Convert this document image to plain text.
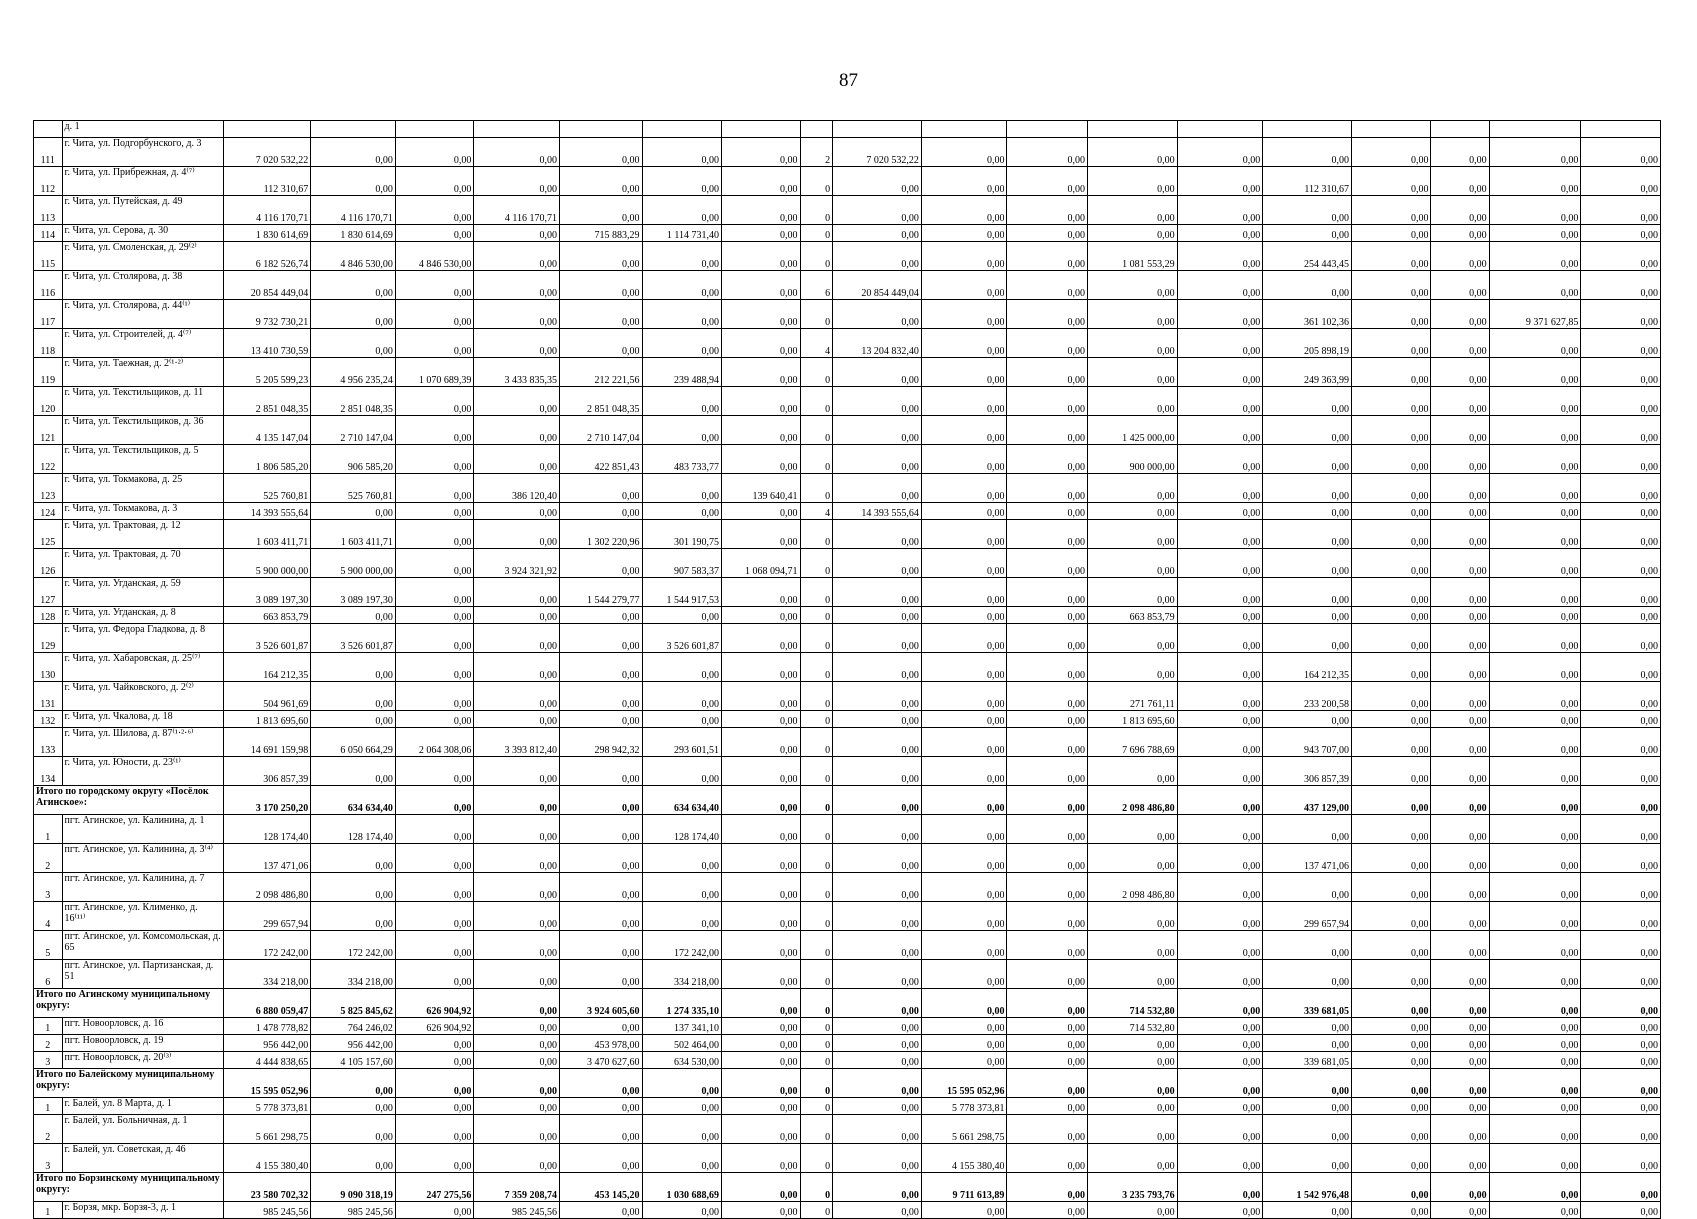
87
	д. 1																		
111	г. Чита, ул. Подгорбунского, д. 3	7 020 532,22	0,00	0,00	0,00	0,00	0,00	0,00	2	7 020 532,22	0,00	0,00	0,00	0,00	0,00	0,00	0,00	0,00	0,00
112	г. Чита, ул. Прибрежная, д. 4⁽⁷⁾	112 310,67	0,00	0,00	0,00	0,00	0,00	0,00	0	0,00	0,00	0,00	0,00	0,00	112 310,67	0,00	0,00	0,00	0,00
113	г. Чита, ул. Путейская, д. 49	4 116 170,71	4 116 170,71	0,00	4 116 170,71	0,00	0,00	0,00	0	0,00	0,00	0,00	0,00	0,00	0,00	0,00	0,00	0,00	0,00
114	г. Чита, ул. Серова, д. 30	1 830 614,69	1 830 614,69	0,00	0,00	715 883,29	1 114 731,40	0,00	0	0,00	0,00	0,00	0,00	0,00	0,00	0,00	0,00	0,00	0,00
115	г. Чита, ул. Смоленская, д. 29⁽²⁾	6 182 526,74	4 846 530,00	4 846 530,00	0,00	0,00	0,00	0,00	0	0,00	0,00	0,00	1 081 553,29	0,00	254 443,45	0,00	0,00	0,00	0,00
116	г. Чита, ул. Столярова, д. 38	20 854 449,04	0,00	0,00	0,00	0,00	0,00	0,00	6	20 854 449,04	0,00	0,00	0,00	0,00	0,00	0,00	0,00	0,00	0,00
117	г. Чита, ул. Столярова, д. 44⁽¹⁾	9 732 730,21	0,00	0,00	0,00	0,00	0,00	0,00	0	0,00	0,00	0,00	0,00	0,00	361 102,36	0,00	0,00	9 371 627,85	0,00
118	г. Чита, ул. Строителей, д. 4⁽⁷⁾	13 410 730,59	0,00	0,00	0,00	0,00	0,00	0,00	4	13 204 832,40	0,00	0,00	0,00	0,00	205 898,19	0,00	0,00	0,00	0,00
119	г. Чита, ул. Таежная, д. 2⁽¹·²⁾	5 205 599,23	4 956 235,24	1 070 689,39	3 433 835,35	212 221,56	239 488,94	0,00	0	0,00	0,00	0,00	0,00	0,00	249 363,99	0,00	0,00	0,00	0,00
120	г. Чита, ул. Текстильщиков, д. 11	2 851 048,35	2 851 048,35	0,00	0,00	2 851 048,35	0,00	0,00	0	0,00	0,00	0,00	0,00	0,00	0,00	0,00	0,00	0,00	0,00
121	г. Чита, ул. Текстильщиков, д. 36	4 135 147,04	2 710 147,04	0,00	0,00	2 710 147,04	0,00	0,00	0	0,00	0,00	0,00	1 425 000,00	0,00	0,00	0,00	0,00	0,00	0,00
122	г. Чита, ул. Текстильщиков, д. 5	1 806 585,20	906 585,20	0,00	0,00	422 851,43	483 733,77	0,00	0	0,00	0,00	0,00	900 000,00	0,00	0,00	0,00	0,00	0,00	0,00
123	г. Чита, ул. Токмакова, д. 25	525 760,81	525 760,81	0,00	386 120,40	0,00	0,00	139 640,41	0	0,00	0,00	0,00	0,00	0,00	0,00	0,00	0,00	0,00	0,00
124	г. Чита, ул. Токмакова, д. 3	14 393 555,64	0,00	0,00	0,00	0,00	0,00	0,00	4	14 393 555,64	0,00	0,00	0,00	0,00	0,00	0,00	0,00	0,00	0,00
125	г. Чита, ул. Трактовая, д. 12	1 603 411,71	1 603 411,71	0,00	0,00	1 302 220,96	301 190,75	0,00	0	0,00	0,00	0,00	0,00	0,00	0,00	0,00	0,00	0,00	0,00
126	г. Чита, ул. Трактовая, д. 70	5 900 000,00	5 900 000,00	0,00	3 924 321,92	0,00	907 583,37	1 068 094,71	0	0,00	0,00	0,00	0,00	0,00	0,00	0,00	0,00	0,00	0,00
127	г. Чита, ул. Угданская, д. 59	3 089 197,30	3 089 197,30	0,00	0,00	1 544 279,77	1 544 917,53	0,00	0	0,00	0,00	0,00	0,00	0,00	0,00	0,00	0,00	0,00	0,00
128	г. Чита, ул. Угданская, д. 8	663 853,79	0,00	0,00	0,00	0,00	0,00	0,00	0	0,00	0,00	0,00	663 853,79	0,00	0,00	0,00	0,00	0,00	0,00
129	г. Чита, ул. Федора Гладкова, д. 8	3 526 601,87	3 526 601,87	0,00	0,00	0,00	3 526 601,87	0,00	0	0,00	0,00	0,00	0,00	0,00	0,00	0,00	0,00	0,00	0,00
130	г. Чита, ул. Хабаровская, д. 25⁽⁷⁾	164 212,35	0,00	0,00	0,00	0,00	0,00	0,00	0	0,00	0,00	0,00	0,00	0,00	164 212,35	0,00	0,00	0,00	0,00
131	г. Чита, ул. Чайковского, д. 2⁽²⁾	504 961,69	0,00	0,00	0,00	0,00	0,00	0,00	0	0,00	0,00	0,00	271 761,11	0,00	233 200,58	0,00	0,00	0,00	0,00
132	г. Чита, ул. Чкалова, д. 18	1 813 695,60	0,00	0,00	0,00	0,00	0,00	0,00	0	0,00	0,00	0,00	1 813 695,60	0,00	0,00	0,00	0,00	0,00	0,00
133	г. Чита, ул. Шилова, д. 87⁽¹·²·⁶⁾	14 691 159,98	6 050 664,29	2 064 308,06	3 393 812,40	298 942,32	293 601,51	0,00	0	0,00	0,00	0,00	7 696 788,69	0,00	943 707,00	0,00	0,00	0,00	0,00
134	г. Чита, ул. Юности, д. 23⁽¹⁾	306 857,39	0,00	0,00	0,00	0,00	0,00	0,00	0	0,00	0,00	0,00	0,00	0,00	306 857,39	0,00	0,00	0,00	0,00
Итого по городскому округу «Посёлок Агинское»:		3 170 250,20	634 634,40	0,00	0,00	0,00	634 634,40	0,00	0	0,00	0,00	0,00	2 098 486,80	0,00	437 129,00	0,00	0,00	0,00	0,00
1	пгт. Агинское, ул. Калинина, д. 1	128 174,40	128 174,40	0,00	0,00	0,00	128 174,40	0,00	0	0,00	0,00	0,00	0,00	0,00	0,00	0,00	0,00	0,00	0,00
2	пгт. Агинское, ул. Калинина, д. 3⁽⁴⁾	137 471,06	0,00	0,00	0,00	0,00	0,00	0,00	0	0,00	0,00	0,00	0,00	0,00	137 471,06	0,00	0,00	0,00	0,00
3	пгт. Агинское, ул. Калинина, д. 7	2 098 486,80	0,00	0,00	0,00	0,00	0,00	0,00	0	0,00	0,00	0,00	2 098 486,80	0,00	0,00	0,00	0,00	0,00	0,00
4	пгт. Агинское, ул. Клименко, д. 16⁽¹¹⁾	299 657,94	0,00	0,00	0,00	0,00	0,00	0,00	0	0,00	0,00	0,00	0,00	0,00	299 657,94	0,00	0,00	0,00	0,00
5	пгт. Агинское, ул. Комсомольская, д. 65	172 242,00	172 242,00	0,00	0,00	0,00	172 242,00	0,00	0	0,00	0,00	0,00	0,00	0,00	0,00	0,00	0,00	0,00	0,00
6	пгт. Агинское, ул. Партизанская, д. 51	334 218,00	334 218,00	0,00	0,00	0,00	334 218,00	0,00	0	0,00	0,00	0,00	0,00	0,00	0,00	0,00	0,00	0,00	0,00
Итого по Агинскому муниципальному округу:		6 880 059,47	5 825 845,62	626 904,92	0,00	3 924 605,60	1 274 335,10	0,00	0	0,00	0,00	0,00	714 532,80	0,00	339 681,05	0,00	0,00	0,00	0,00
1	пгт. Новоорловск, д. 16	1 478 778,82	764 246,02	626 904,92	0,00	0,00	137 341,10	0,00	0	0,00	0,00	0,00	714 532,80	0,00	0,00	0,00	0,00	0,00	0,00
2	пгт. Новоорловск, д. 19	956 442,00	956 442,00	0,00	0,00	453 978,00	502 464,00	0,00	0	0,00	0,00	0,00	0,00	0,00	0,00	0,00	0,00	0,00	0,00
3	пгт. Новоорловск, д. 20⁽³⁾	4 444 838,65	4 105 157,60	0,00	0,00	3 470 627,60	634 530,00	0,00	0	0,00	0,00	0,00	0,00	0,00	339 681,05	0,00	0,00	0,00	0,00
Итого по Балейскому муниципальному округу:		15 595 052,96	0,00	0,00	0,00	0,00	0,00	0,00	0	0,00	15 595 052,96	0,00	0,00	0,00	0,00	0,00	0,00	0,00	0,00
1	г. Балей, ул. 8 Марта, д. 1	5 778 373,81	0,00	0,00	0,00	0,00	0,00	0,00	0	0,00	5 778 373,81	0,00	0,00	0,00	0,00	0,00	0,00	0,00	0,00
2	г. Балей, ул. Больничная, д. 1	5 661 298,75	0,00	0,00	0,00	0,00	0,00	0,00	0	0,00	5 661 298,75	0,00	0,00	0,00	0,00	0,00	0,00	0,00	0,00
3	г. Балей, ул. Советская, д. 46	4 155 380,40	0,00	0,00	0,00	0,00	0,00	0,00	0	0,00	4 155 380,40	0,00	0,00	0,00	0,00	0,00	0,00	0,00	0,00
Итого по Борзинскому муниципальному округу:		23 580 702,32	9 090 318,19	247 275,56	7 359 208,74	453 145,20	1 030 688,69	0,00	0	0,00	9 711 613,89	0,00	3 235 793,76	0,00	1 542 976,48	0,00	0,00	0,00	0,00
1	г. Борзя, мкр. Борзя-3, д. 1	985 245,56	985 245,56	0,00	985 245,56	0,00	0,00	0,00	0	0,00	0,00	0,00	0,00	0,00	0,00	0,00	0,00	0,00	0,00
